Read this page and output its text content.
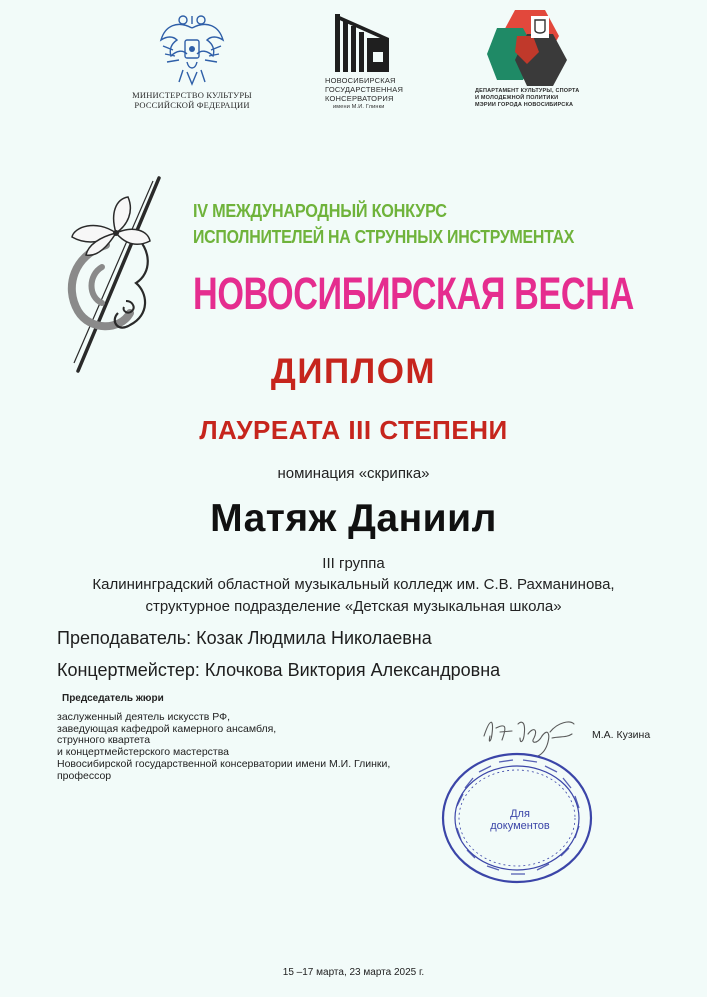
МИНИСТЕРСТВО КУЛЬТУРЫ
РОССИЙСКОЙ ФЕДЕРАЦИИ
НОВОСИБИРСКАЯ
ГОСУДАРСТВЕННАЯ
КОНСЕРВАТОРИЯ
имени М.И. Глинки
ДЕПАРТАМЕНТ КУЛЬТУРЫ, СПОРТА
И МОЛОДЕЖНОЙ ПОЛИТИКИ
МЭРИИ ГОРОДА НОВОСИБИРСКА
IV МЕЖДУНАРОДНЫЙ КОНКУРС
ИСПОЛНИТЕЛЕЙ НА СТРУННЫХ ИНСТРУМЕНТАХ
НОВОСИБИРСКАЯ ВЕСНА
ДИПЛОМ
ЛАУРЕАТА III СТЕПЕНИ
номинация «скрипка»
Матяж Даниил
III группа
Калининградский областной музыкальный колледж им. С.В. Рахманинова,
структурное подразделение «Детская музыкальная школа»
Преподаватель: Козак Людмила Николаевна
Концертмейстер: Клочкова Виктория Александровна
Председатель жюри
заслуженный деятель искусств РФ,
заведующая кафедрой камерного ансамбля,
струнного квартета
и концертмейстерского мастерства
Новосибирской государственной консерватории имени М.И. Глинки,
профессор
Для
документов
М.А. Кузина
15 –17 марта, 23 марта 2025 г.
